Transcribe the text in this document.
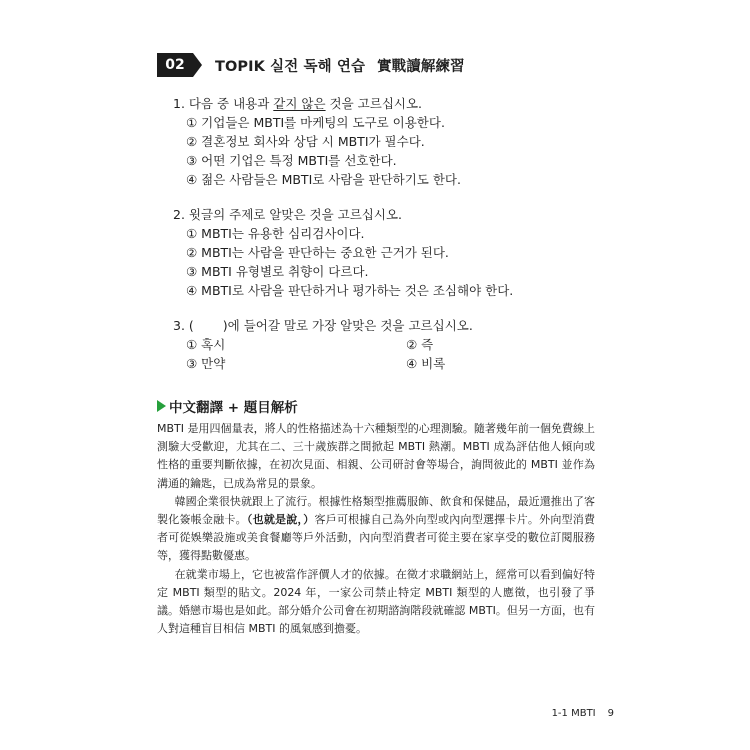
02	TOPIK 실전 독해 연습 實戰讀解練習

1. 다음 중 내용과 같지 않은 것을 고르십시오.

① 기업들은 MBTI를 마케팅의 도구로 이용한다.
② 결혼정보 회사와 상담 시 MBTI가 필수다.
③ 어떤 기업은 특정 MBTI를 선호한다.
④ 젊은 사람들은 MBTI로 사람을 판단하기도 한다.

2. 윗글의 주제로 알맞은 것을 고르십시오.

① MBTI는 유용한 심리검사이다.
② MBTI는 사람을 판단하는 중요한 근거가 된다.
③ MBTI 유형별로 취향이 다르다.
④ MBTI로 사람을 판단하거나 평가하는 것은 조심해야 한다.

3. (　　 )에 들어갈 말로 가장 알맞은 것을 고르십시오.

① 혹시	② 즉
③ 만약	④ 비록
中文翻譯 + 題目解析

MBTI 是用四個量表，將人的性格描述為十六種類型的心理測驗。隨著幾年前一個免費線上測驗大受歡迎，尤其在二、三十歲族群之間掀起 MBTI 熱潮。MBTI 成為評估他人傾向或性格的重要判斷依據，在初次見面、相親、公司研討會等場合，詢問彼此的 MBTI 並作為溝通的鑰匙，已成為常見的景象。

韓國企業很快就跟上了流行。根據性格類型推薦服飾、飲食和保健品，最近還推出了客製化簽帳金融卡。（也就是說，）客戶可根據自己為外向型或內向型選擇卡片。外向型消費者可從娛樂設施或美食餐廳等戶外活動，內向型消費者可從主要在家享受的數位訂閱服務等，獲得點數優惠。

在就業市場上，它也被當作評價人才的依據。在徵才求職網站上，經常可以看到偏好特定 MBTI 類型的貼文。2024 年，一家公司禁止特定 MBTI 類型的人應徵，也引發了爭議。婚戀市場也是如此。部分婚介公司會在初期諮詢階段就確認 MBTI。但另一方面，也有人對這種盲目相信 MBTI 的風氣感到擔憂。

1-1 MBTI 9
